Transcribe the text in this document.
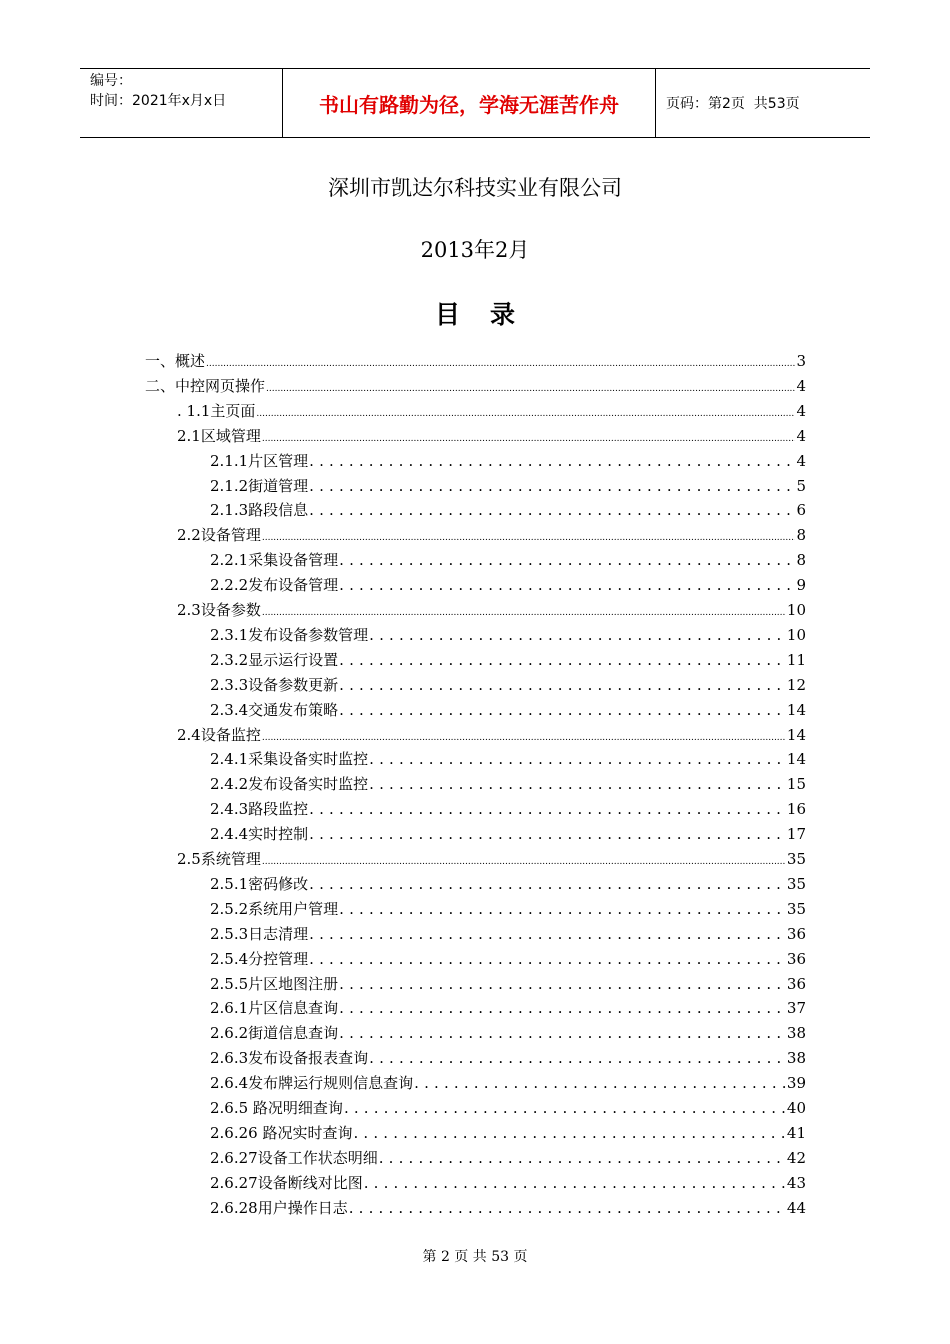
编号：
时间：2021年x月x日	书山有路勤为径，学海无涯苦作舟	页码：第2页  共53页
深圳市凯达尔科技实业有限公司
2013年2月
目录
一、概述 .....	3
二、中控网页操作 .....	4
. 1.1主页面 .....	4
2.1区域管理 .....	4
2.1.1片区管理 . . .	4
2.1.2街道管理 . . .	5
2.1.3路段信息 . . .	6
2.2设备管理 .....	8
2.2.1采集设备管理 . . .	8
2.2.2发布设备管理 . . .	9
2.3设备参数 .....	10
2.3.1发布设备参数管理 . . .	10
2.3.2显示运行设置 . . .	11
2.3.3设备参数更新 . . .	12
2.3.4交通发布策略 . . .	14
2.4设备监控 .....	14
2.4.1采集设备实时监控 . . .	14
2.4.2发布设备实时监控 . . .	15
2.4.3路段监控 . . .	16
2.4.4实时控制 . . .	17
2.5系统管理 .....	35
2.5.1密码修改 . . .	35
2.5.2系统用户管理 . . .	35
2.5.3日志清理 . . .	36
2.5.4分控管理 . . .	36
2.5.5片区地图注册 . . .	36
2.6.1片区信息查询 . . .	37
2.6.2街道信息查询 . . .	38
2.6.3发布设备报表查询 . . .	38
2.6.4发布牌运行规则信息查询 . . .	39
2.6.5 路况明细查询 . . .	40
2.6.26 路况实时查询 . . .	41
2.6.27设备工作状态明细 . . .	42
2.6.27设备断线对比图 . . .	43
2.6.28用户操作日志 . . .	44
第 2 页 共 53 页
